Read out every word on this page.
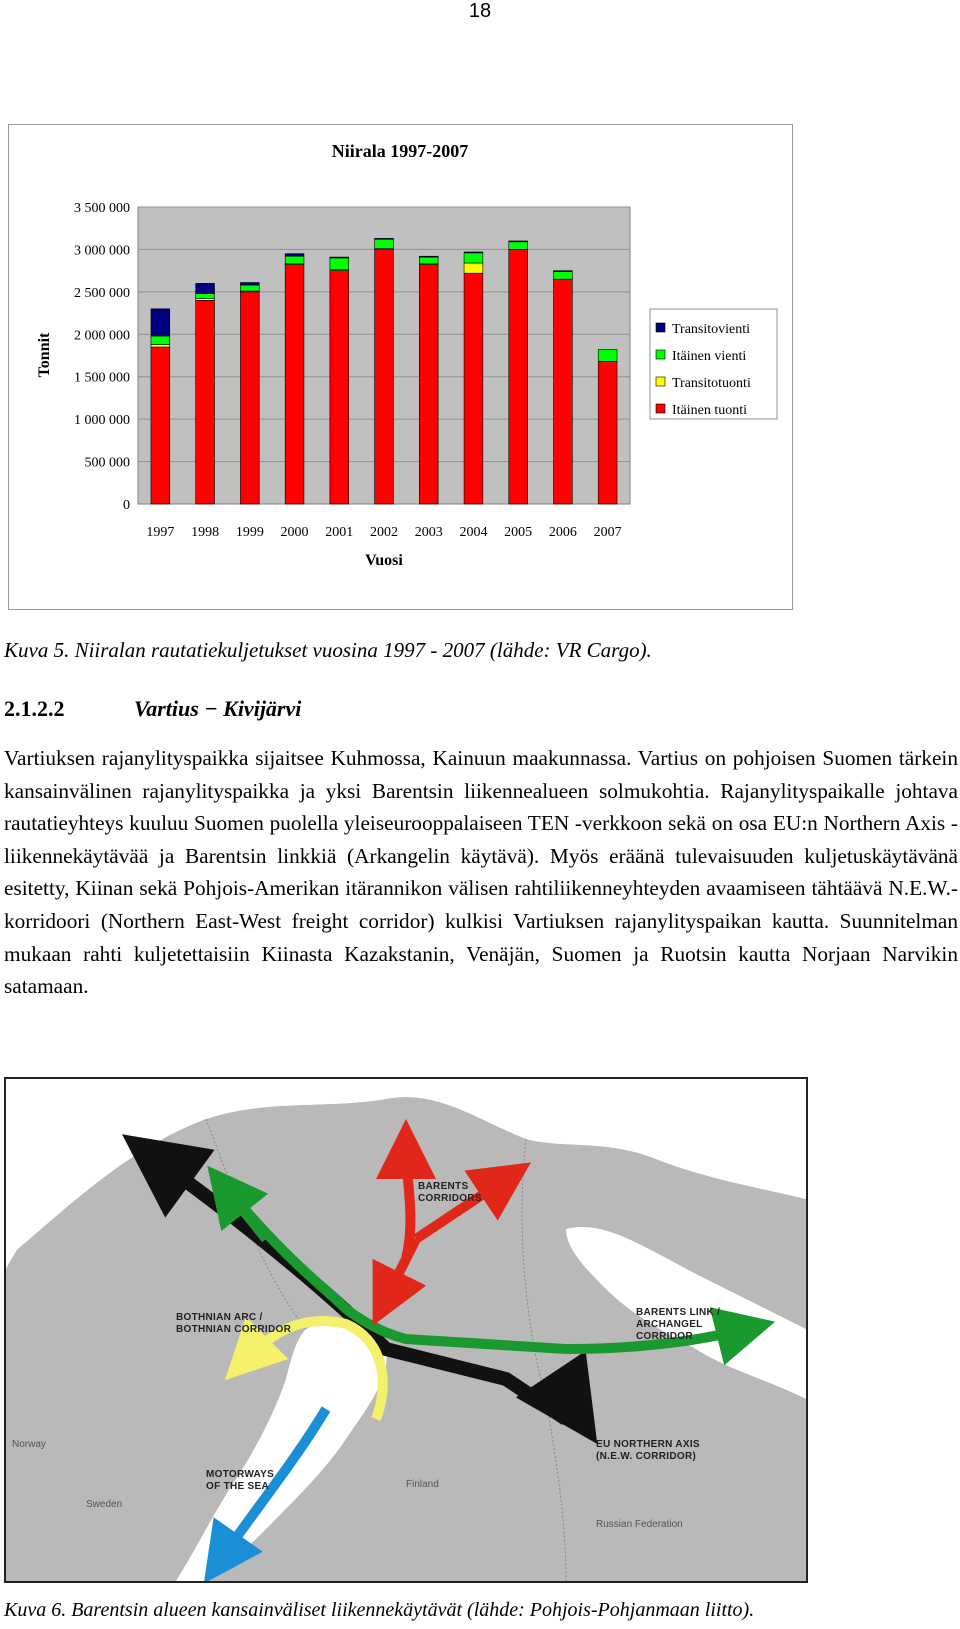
18
Niirala 1997-2007
0
500 000
1 000 000
1 500 000
2 000 000
2 500 000
3 000 000
3 500 000
Tonnit
1997 1998 1999 2000 2001 2002 2003 2004 2005 2006 2007
Vuosi
Transitovienti
Itäinen vienti
Transitotuonti
Itäinen tuonti
Kuva 5. Niiralan rautatiekuljetukset vuosina 1997 - 2007 (lähde: VR Cargo).
2.1.2.2	Vartius − Kivijärvi
Vartiuksen rajanylityspaikka sijaitsee Kuhmossa, Kainuun maakunnassa. Vartius on pohjoisen Suomen tärkein kansainvälinen rajanylityspaikka ja yksi Barentsin liikennealueen solmukohtia. Rajanylityspaikalle johtava rautatieyhteys kuuluu Suomen puolella yleiseurooppalaiseen TEN -verkkoon sekä on osa EU:n Northern Axis -liikennekäytävää ja Barentsin linkkiä (Arkangelin käytävä). Myös eräänä tulevaisuuden kuljetuskäytävänä esitetty, Kiinan sekä Pohjois-Amerikan itärannikon välisen rahtiliikenneyhteyden avaamiseen tähtäävä N.E.W.-korridoori (Northern East-West freight corridor) kulkisi Vartiuksen rajanylityspaikan kautta. Suunnitelman mukaan rahti kuljetettaisiin Kiinasta Kazakstanin, Venäjän, Suomen ja Ruotsin kautta Norjaan Narvikin satamaan.
BARENTS CORRIDORS
BOTHNIAN ARC / BOTHNIAN CORRIDOR
BARENTS LINK / ARCHANGEL CORRIDOR
EU NORTHERN AXIS (N.E.W. CORRIDOR)
MOTORWAYS OF THE SEA
Norway
Sweden
Finland
Russian Federation
Kuva 6. Barentsin alueen kansainväliset liikennekäytävät (lähde: Pohjois-Pohjanmaan liitto).
